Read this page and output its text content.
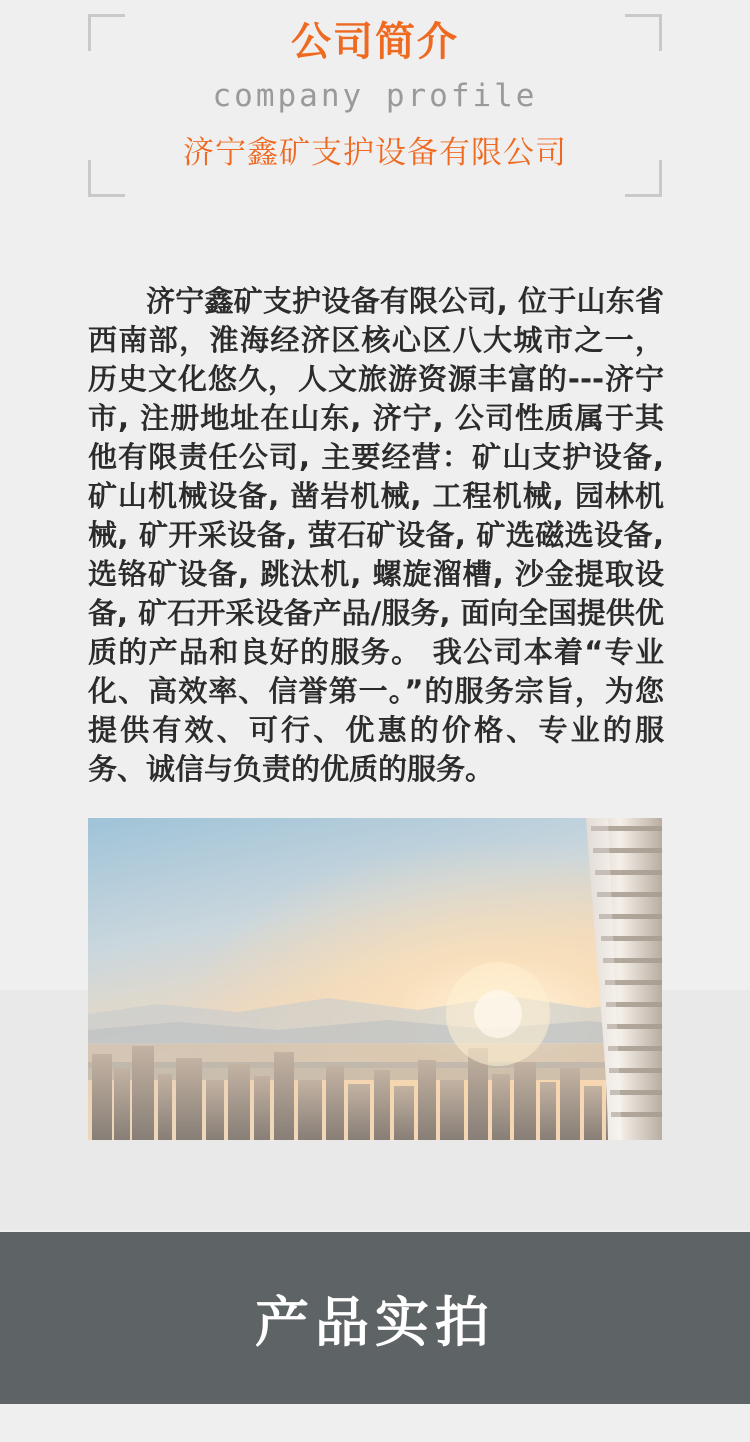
公司简介

company profile

济宁鑫矿支护设备有限公司

济宁鑫矿支护设备有限公司, 位于山东省西南部，淮海经济区核心区八大城市之一，历史文化悠久，人文旅游资源丰富的---济宁市, 注册地址在山东, 济宁, 公司性质属于其他有限责任公司, 主要经营：矿山支护设备, 矿山机械设备, 凿岩机械, 工程机械, 园林机械, 矿开采设备, 萤石矿设备, 矿选磁选设备, 选铬矿设备, 跳汰机, 螺旋溜槽, 沙金提取设备, 矿石开采设备产品/服务, 面向全国提供优质的产品和良好的服务。 我公司本着“专业化、高效率、信誉第一。”的服务宗旨，为您提供有效、可行、优惠的价格、专业的服务、诚信与负责的优质的服务。
产品实拍
